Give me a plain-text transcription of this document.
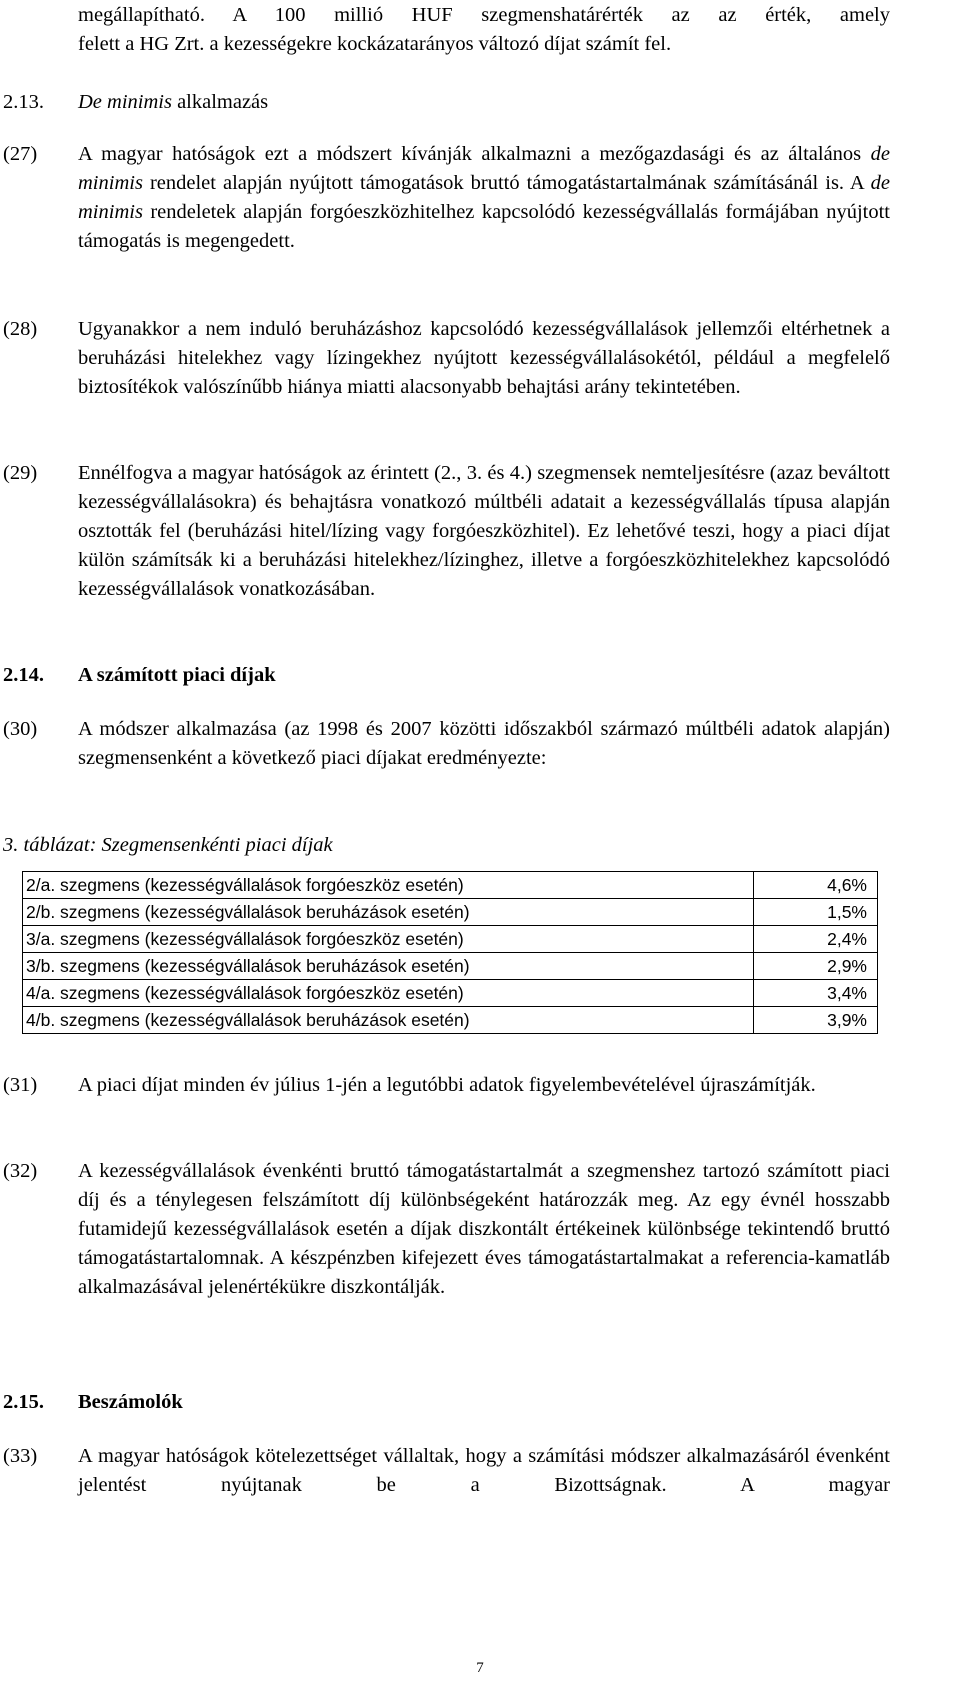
megállapítható. A 100 millió HUF szegmenshatárérték az az érték, amely
felett a HG Zrt. a kezességekre kockázatarányos változó díjat számít fel.
2.13. De minimis alkalmazás
(27)	A magyar hatóságok ezt a módszert kívánják alkalmazni a mezőgazdasági és az általános de minimis rendelet alapján nyújtott támogatások bruttó támogatástartalmának számításánál is. A de minimis rendeletek alapján forgóeszközhitelhez kapcsolódó kezességvállalás formájában nyújtott támogatás is megengedett.
(28)	Ugyanakkor a nem induló beruházáshoz kapcsolódó kezességvállalások jellemzői eltérhetnek a beruházási hitelekhez vagy lízingekhez nyújtott kezességvállalásokétól, például a megfelelő biztosítékok valószínűbb hiánya miatti alacsonyabb behajtási arány tekintetében.
(29)	Ennélfogva a magyar hatóságok az érintett (2., 3. és 4.) szegmensek nemteljesítésre (azaz beváltott kezességvállalásokra) és behajtásra vonatkozó múltbéli adatait a kezességvállalás típusa alapján osztották fel (beruházási hitel/lízing vagy forgóeszközhitel). Ez lehetővé teszi, hogy a piaci díjat külön számítsák ki a beruházási hitelekhez/lízinghez, illetve a forgóeszközhitelekhez kapcsolódó kezességvállalások vonatkozásában.
2.14. A számított piaci díjak
(30)	A módszer alkalmazása (az 1998 és 2007 közötti időszakból származó múltbéli adatok alapján) szegmensenként a következő piaci díjakat eredményezte:
3. táblázat: Szegmensenkénti piaci díjak
2/a. szegmens (kezességvállalások forgóeszköz esetén)	4,6%
2/b. szegmens (kezességvállalások beruházások esetén)	1,5%
3/a. szegmens (kezességvállalások forgóeszköz esetén)	2,4%
3/b. szegmens (kezességvállalások beruházások esetén)	2,9%
4/a. szegmens (kezességvállalások forgóeszköz esetén)	3,4%
4/b. szegmens (kezességvállalások beruházások esetén)	3,9%
(31)	A piaci díjat minden év július 1-jén a legutóbbi adatok figyelembevételével újraszámítják.
(32)	A kezességvállalások évenkénti bruttó támogatástartalmát a szegmenshez tartozó számított piaci díj és a ténylegesen felszámított díj különbségeként határozzák meg. Az egy évnél hosszabb futamidejű kezességvállalások esetén a díjak diszkontált értékeinek különbsége tekintendő bruttó támogatástartalomnak. A készpénzben kifejezett éves támogatástartalmakat a referencia-kamatláb alkalmazásával jelenértékükre diszkontálják.
2.15. Beszámolók
(33)	A magyar hatóságok kötelezettséget vállaltak, hogy a számítási módszer alkalmazásáról évenként jelentést nyújtanak be a Bizottságnak. A magyar
7
